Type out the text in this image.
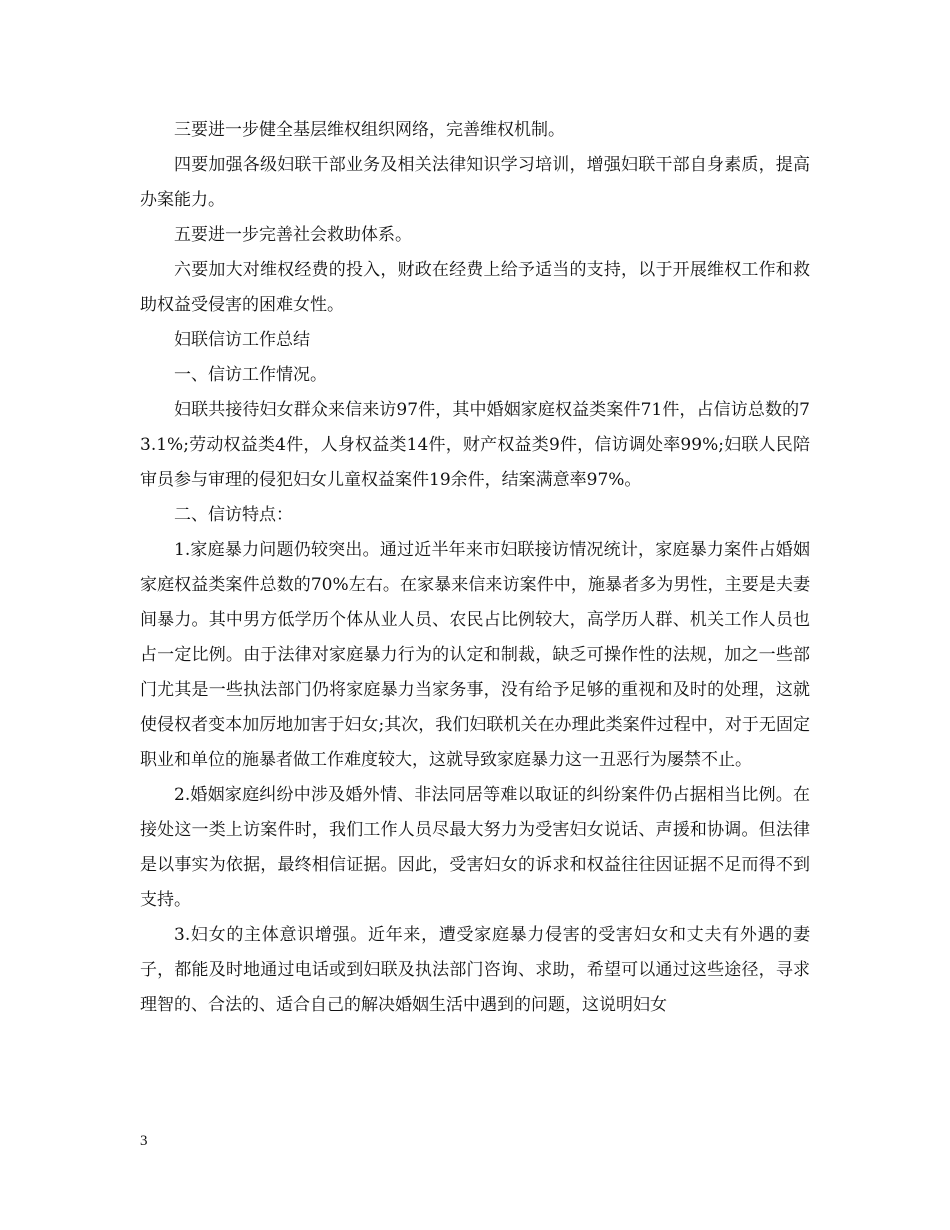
三要进一步健全基层维权组织网络，完善维权机制。

四要加强各级妇联干部业务及相关法律知识学习培训，增强妇联干部自身素质，提高办案能力。

五要进一步完善社会救助体系。

六要加大对维权经费的投入，财政在经费上给予适当的支持，以于开展维权工作和救助权益受侵害的困难女性。

妇联信访工作总结

一、信访工作情况。

妇联共接待妇女群众来信来访97件，其中婚姻家庭权益类案件71件，占信访总数的73.1%;劳动权益类4件，人身权益类14件，财产权益类9件，信访调处率99%;妇联人民陪审员参与审理的侵犯妇女儿童权益案件19余件，结案满意率97%。

二、信访特点：

1.家庭暴力问题仍较突出。通过近半年来市妇联接访情况统计，家庭暴力案件占婚姻家庭权益类案件总数的70%左右。在家暴来信来访案件中，施暴者多为男性，主要是夫妻间暴力。其中男方低学历个体从业人员、农民占比例较大，高学历人群、机关工作人员也占一定比例。由于法律对家庭暴力行为的认定和制裁，缺乏可操作性的法规，加之一些部门尤其是一些执法部门仍将家庭暴力当家务事，没有给予足够的重视和及时的处理，这就使侵权者变本加厉地加害于妇女;其次，我们妇联机关在办理此类案件过程中，对于无固定职业和单位的施暴者做工作难度较大，这就导致家庭暴力这一丑恶行为屡禁不止。

2.婚姻家庭纠纷中涉及婚外情、非法同居等难以取证的纠纷案件仍占据相当比例。在接处这一类上访案件时，我们工作人员尽最大努力为受害妇女说话、声援和协调。但法律是以事实为依据，最终相信证据。因此，受害妇女的诉求和权益往往因证据不足而得不到支持。

3.妇女的主体意识增强。近年来，遭受家庭暴力侵害的受害妇女和丈夫有外遇的妻子，都能及时地通过电话或到妇联及执法部门咨询、求助，希望可以通过这些途径，寻求理智的、合法的、适合自己的解决婚姻生活中遇到的问题，这说明妇女

3
